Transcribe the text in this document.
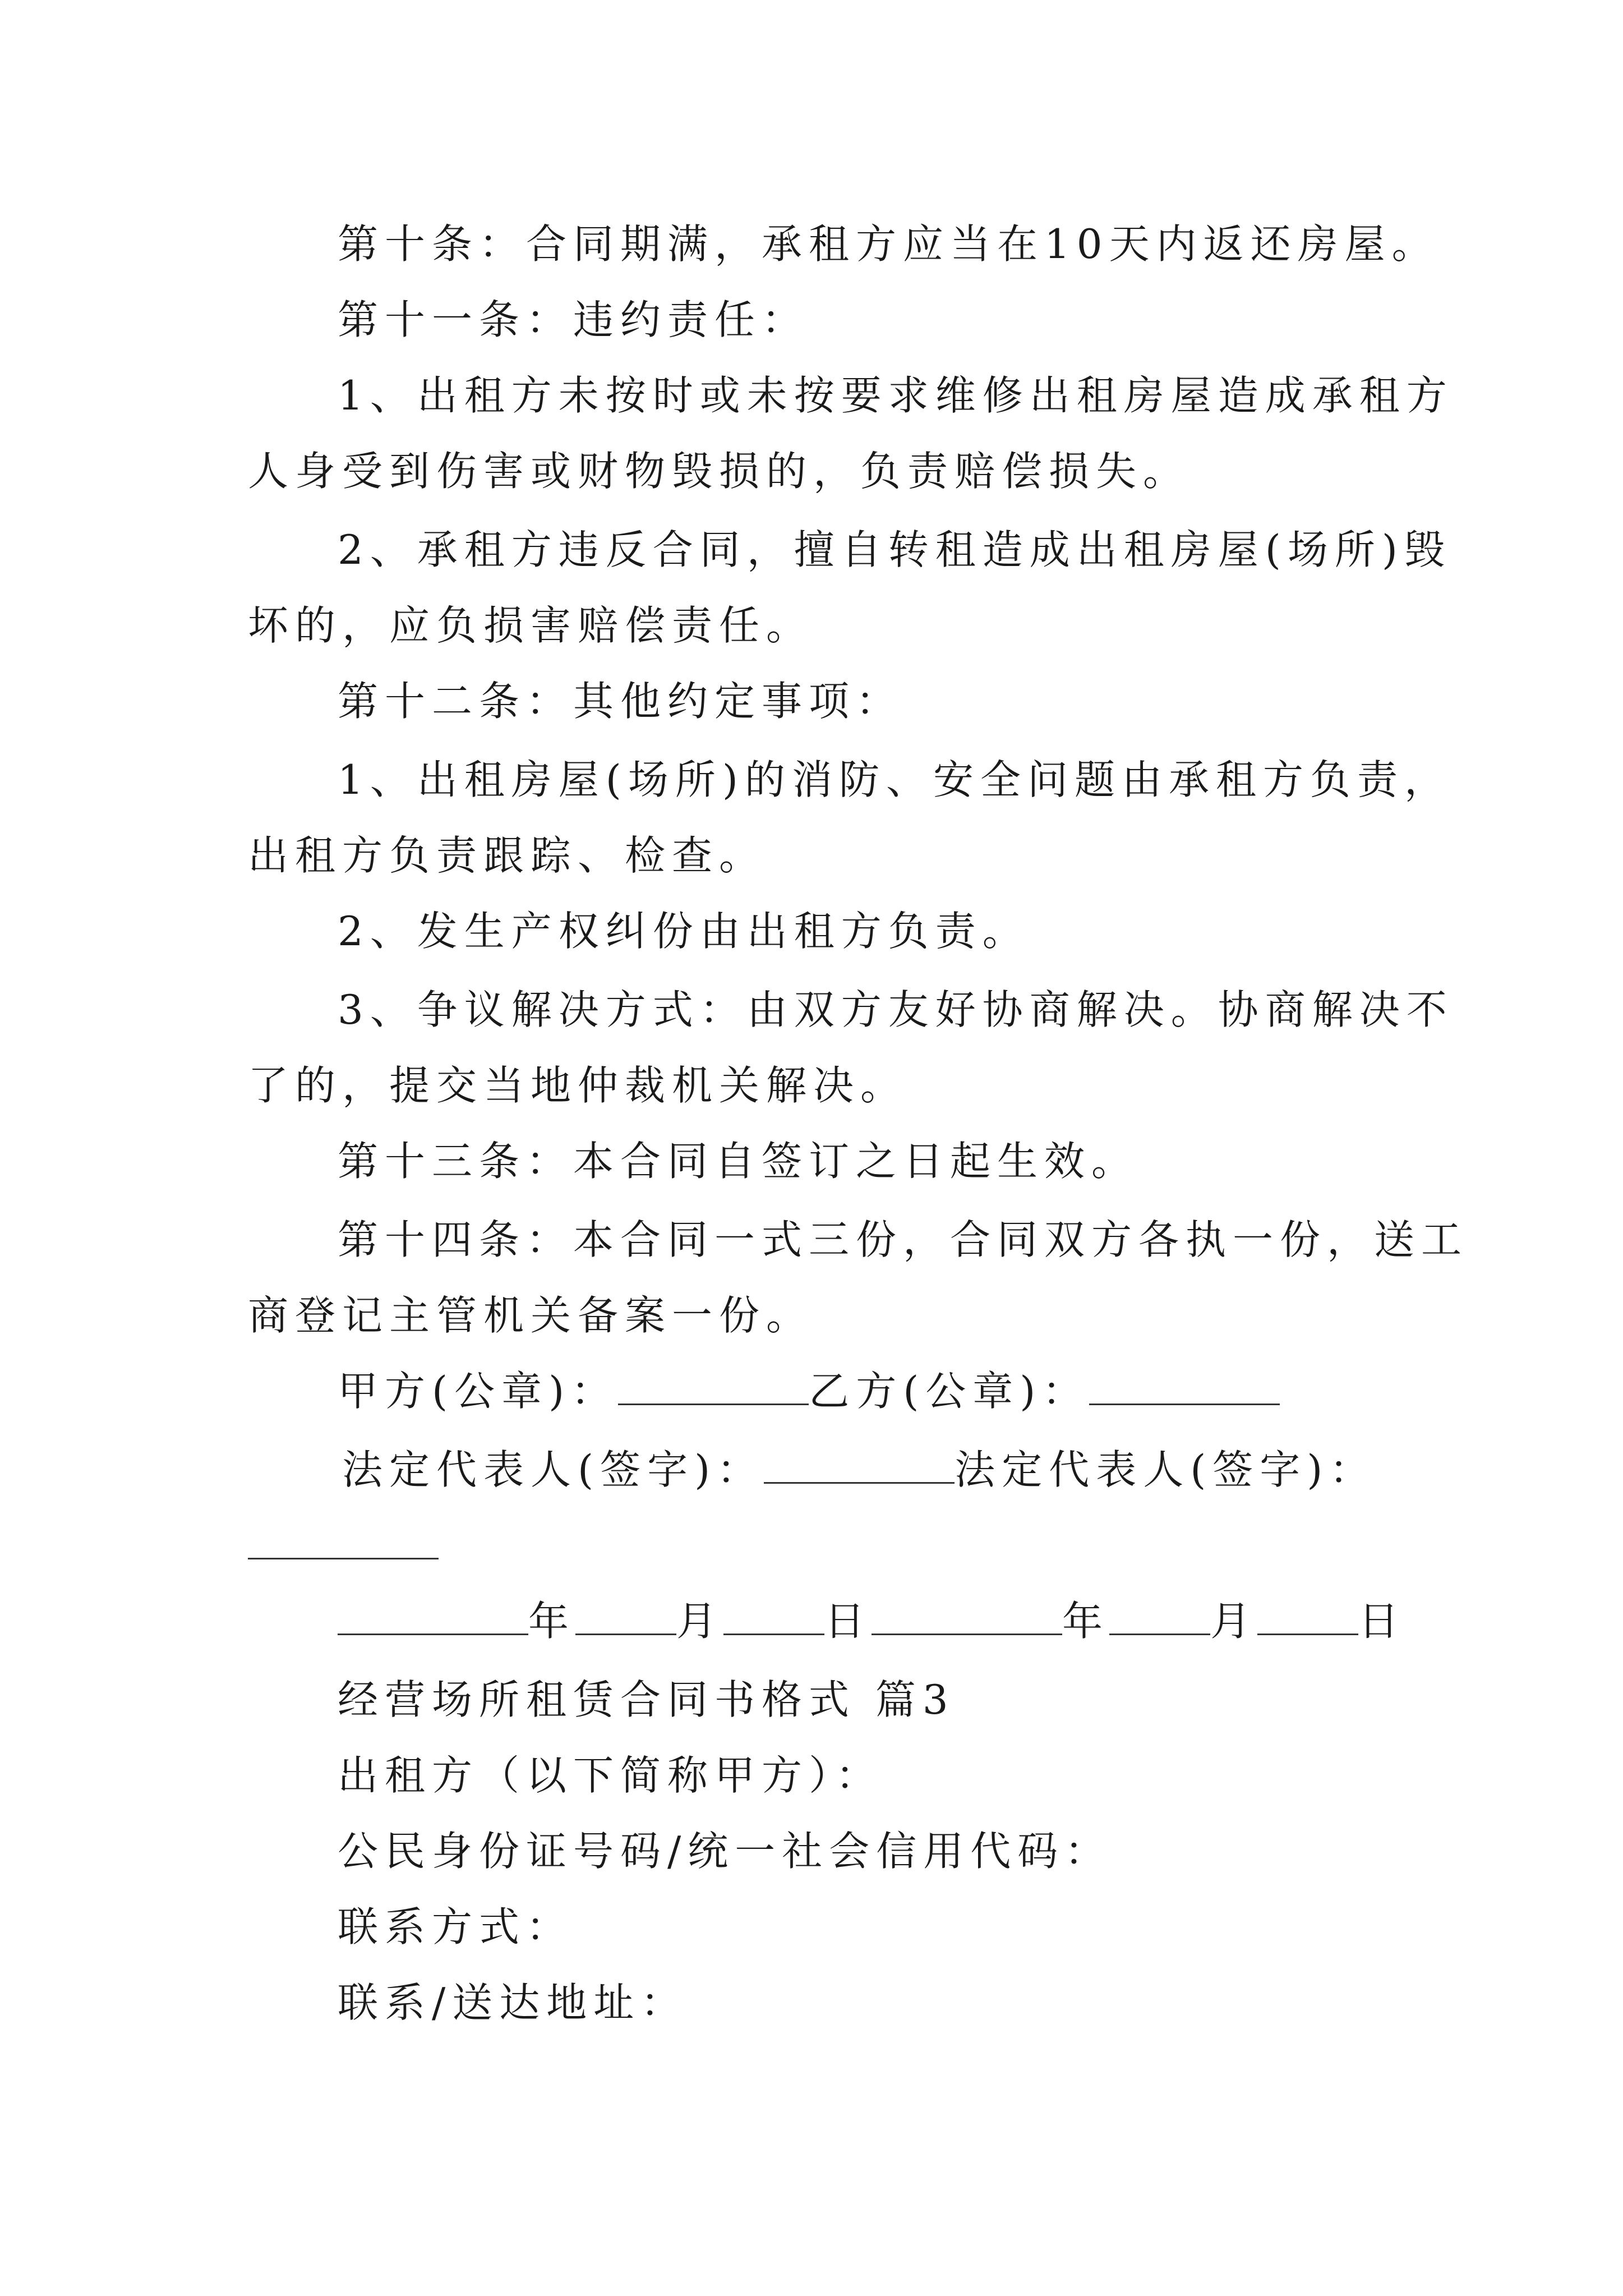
第十条：合同期满，承租方应当在10天内返还房屋。
第十一条：违约责任：
1、出租方未按时或未按要求维修出租房屋造成承租方
人身受到伤害或财物毁损的，负责赔偿损失。
2、承租方违反合同，擅自转租造成出租房屋(场所)毁
坏的，应负损害赔偿责任。
第十二条：其他约定事项：
1、出租房屋(场所)的消防、安全问题由承租方负责，
出租方负责跟踪、检查。
2、发生产权纠份由出租方负责。
3、争议解决方式：由双方友好协商解决。协商解决不
了的，提交当地仲裁机关解决。
第十三条：本合同自签订之日起生效。
第十四条：本合同一式三份，合同双方各执一份，送工
商登记主管机关备案一份。
甲方(公章)：	乙方(公章)：
法定代表人(签字)：	法定代表人(签字)：
年	月	日	年	月	日
经营场所租赁合同书格式 篇3
出租方（以下简称甲方）：
公民身份证号码/统一社会信用代码：
联系方式：
联系/送达地址：
